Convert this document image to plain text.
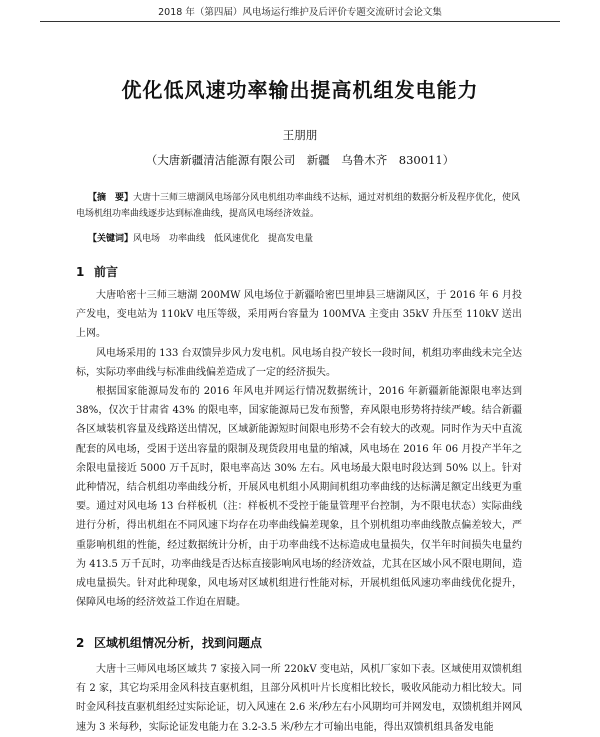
2018 年（第四届）风电场运行维护及后评价专题交流研讨会论文集
优化低风速功率输出提高机组发电能力
王朋朋
（大唐新疆清洁能源有限公司　新疆　乌鲁木齐　830011）
【摘　要】大唐十三师三塘湖风电场部分风电机组功率曲线不达标，通过对机组的数据分析及程序优化，使风电场机组功率曲线逐步达到标准曲线，提高风电场经济效益。
【关键词】风电场　功率曲线　低风速优化　提高发电量
1 前言

大唐哈密十三师三塘湖 200MW 风电场位于新疆哈密巴里坤县三塘湖风区，于 2016 年 6 月投产发电，变电站为 110kV 电压等级，采用两台容量为 100MVA 主变由 35kV 升压至 110kV 送出上网。

风电场采用的 133 台双馈异步风力发电机。风电场自投产较长一段时间，机组功率曲线未完全达标，实际功率曲线与标准曲线偏差造成了一定的经济损失。

根据国家能源局发布的 2016 年风电并网运行情况数据统计，2016 年新疆新能源限电率达到 38%，仅次于甘肃省 43% 的限电率，国家能源局已发布预警，弃风限电形势将持续严峻。结合新疆各区域装机容量及线路送出情况，区域新能源短时间限电形势不会有较大的改观。同时作为天中直流配套的风电场，受困于送出容量的限制及现货段用电量的缩减，风电场在 2016 年 06 月投产半年之余限电量接近 5000 万千瓦时，限电率高达 30% 左右。风电场最大限电时段达到 50% 以上。针对此种情况，结合机组功率曲线分析，开展风电机组小风期间机组功率曲线的达标满足额定出线更为重要。通过对风电场 13 台样板机（注：样板机不受控于能量管理平台控制，为不限电状态）实际曲线进行分析，得出机组在不同风速下均存在功率曲线偏差现象，且个别机组功率曲线散点偏差较大，严重影响机组的性能，经过数据统计分析，由于功率曲线不达标造成电量损失，仅半年时间损失电量约为 413.5 万千瓦时，功率曲线是否达标直接影响风电场的经济效益，尤其在区域小风不限电期间，造成电量损失。针对此种现象，风电场对区域机组进行性能对标，开展机组低风速功率曲线优化提升，保障风电场的经济效益工作迫在眉睫。

2 区域机组情况分析，找到问题点

大唐十三师风电场区域共 7 家接入同一所 220kV 变电站，风机厂家如下表。区域使用双馈机组有 2 家，其它均采用金风科技直驱机组，且部分风机叶片长度相比较长，吸收风能动力相比较大。同时金风科技直驱机组经过实际论证，切入风速在 2.6 米/秒左右小风期均可并网发电，双馈机组并网风速为 3 米每秒，实际论证发电能力在 3.2-3.5 米/秒左才可输出电能，得出双馈机组具备发电能
